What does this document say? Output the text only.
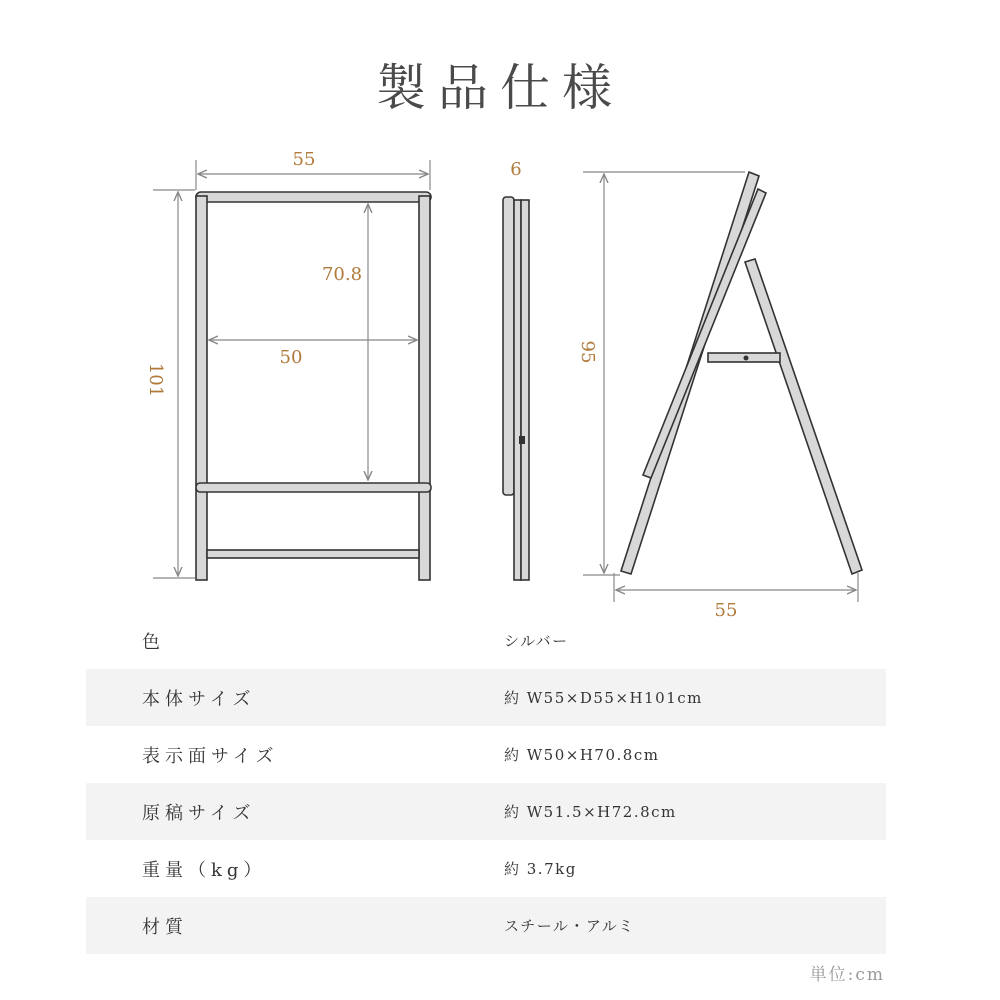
製品仕様
55
101
70.8
50
6
95
55
色	シルバー
本体サイズ	約 W55×D55×H101cm
表示面サイズ	約 W50×H70.8cm
原稿サイズ	約 W51.5×H72.8cm
重量（kg）	約 3.7kg
材質	スチール・アルミ
単位:cm
